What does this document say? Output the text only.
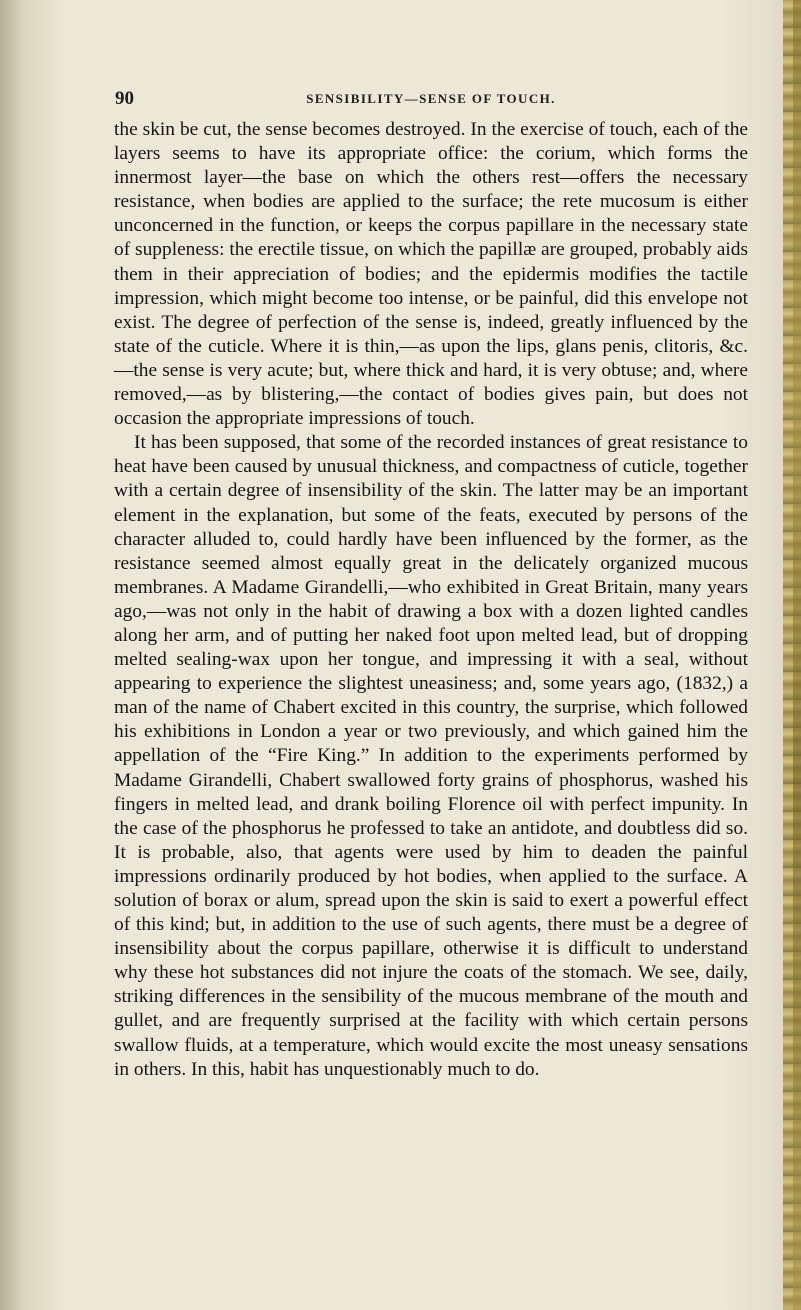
90	SENSIBILITY—SENSE OF TOUCH.

the skin be cut, the sense becomes destroyed. In the exercise of touch, each of the layers seems to have its appropriate office: the corium, which forms the innermost layer—the base on which the others rest—offers the necessary resistance, when bodies are applied to the surface; the rete mucosum is either unconcerned in the function, or keeps the corpus papillare in the necessary state of suppleness: the erectile tissue, on which the papillæ are grouped, probably aids them in their appreciation of bodies; and the epidermis modifies the tactile impression, which might become too intense, or be painful, did this envelope not exist. The degree of perfection of the sense is, indeed, greatly influenced by the state of the cuticle. Where it is thin,—as upon the lips, glans penis, clitoris, &c.—the sense is very acute; but, where thick and hard, it is very obtuse; and, where removed,—as by blistering,—the contact of bodies gives pain, but does not occasion the appropriate impressions of touch.

It has been supposed, that some of the recorded instances of great resistance to heat have been caused by unusual thickness, and compactness of cuticle, together with a certain degree of insensibility of the skin. The latter may be an important element in the explanation, but some of the feats, executed by persons of the character alluded to, could hardly have been influenced by the former, as the resistance seemed almost equally great in the delicately organized mucous membranes. A Madame Girandelli,—who exhibited in Great Britain, many years ago,—was not only in the habit of drawing a box with a dozen lighted candles along her arm, and of putting her naked foot upon melted lead, but of dropping melted sealing-wax upon her tongue, and impressing it with a seal, without appearing to experience the slightest uneasiness; and, some years ago, (1832,) a man of the name of Chabert excited in this country, the surprise, which followed his exhibitions in London a year or two previously, and which gained him the appellation of the “Fire King.” In addition to the experiments performed by Madame Girandelli, Chabert swallowed forty grains of phosphorus, washed his fingers in melted lead, and drank boiling Florence oil with perfect impunity. In the case of the phosphorus he professed to take an antidote, and doubtless did so. It is probable, also, that agents were used by him to deaden the painful impressions ordinarily produced by hot bodies, when applied to the surface. A solution of borax or alum, spread upon the skin is said to exert a powerful effect of this kind; but, in addition to the use of such agents, there must be a degree of insensibility about the corpus papillare, otherwise it is difficult to understand why these hot substances did not injure the coats of the stomach. We see, daily, striking differences in the sensibility of the mucous membrane of the mouth and gullet, and are frequently surprised at the facility with which certain persons swallow fluids, at a temperature, which would excite the most uneasy sensations in others. In this, habit has unquestionably much to do.
